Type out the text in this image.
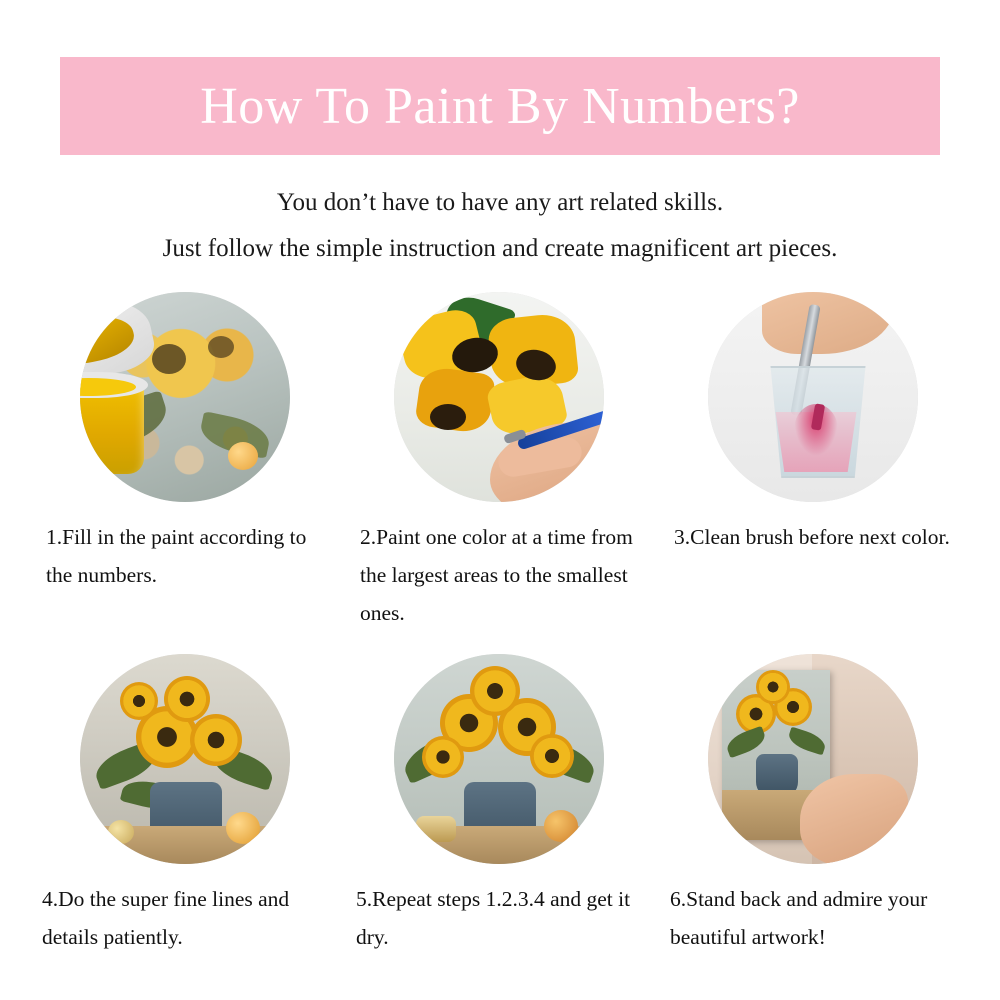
How To Paint By Numbers?
You don’t have to have any art related skills.
Just follow the simple instruction and create magnificent art pieces.
1.Fill in the paint according to the numbers.
2.Paint one color at a time from the largest areas to the smallest ones.
3.Clean brush before next color.
4.Do the super fine lines and details patiently.
5.Repeat steps 1.2.3.4 and get it dry.
6.Stand back and admire your beautiful artwork!
